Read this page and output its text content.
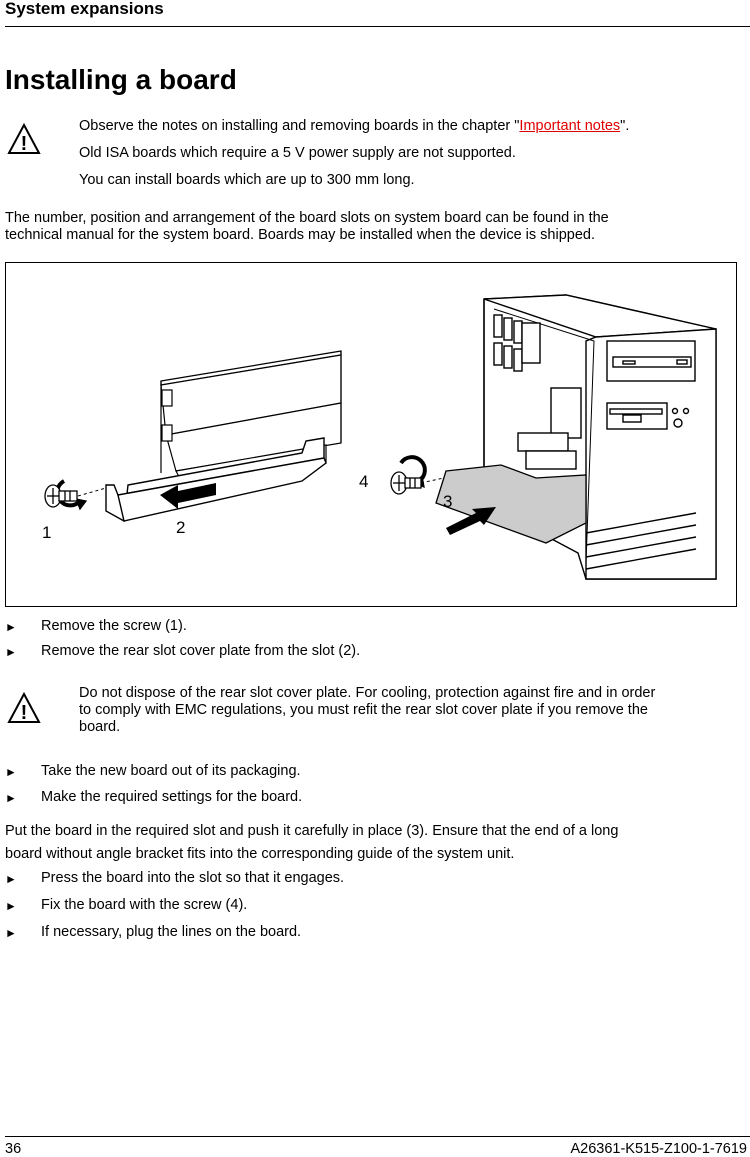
System expansions
Installing a board
!
Observe the notes on installing and removing boards in the chapter "Important notes".
Old ISA boards which require a 5 V power supply are not supported.
You can install boards which are up to 300 mm long.
The number, position and arrangement of the board slots on system board can be found in the
technical manual for the system board. Boards may be installed when the device is shipped.
1	2
3
4
► Remove the screw (1).
► Remove the rear slot cover plate from the slot (2).
!
Do not dispose of the rear slot cover plate. For cooling, protection against fire and in order
to comply with EMC regulations, you must refit the rear slot cover plate if you remove the
board.
► Take the new board out of its packaging.
► Make the required settings for the board.
Put the board in the required slot and push it carefully in place (3). Ensure that the end of a long
board without angle bracket fits into the corresponding guide of the system unit.
► Press the board into the slot so that it engages.
► Fix the board with the screw (4).
► If necessary, plug the lines on the board.
36	A26361-K515-Z100-1-7619
